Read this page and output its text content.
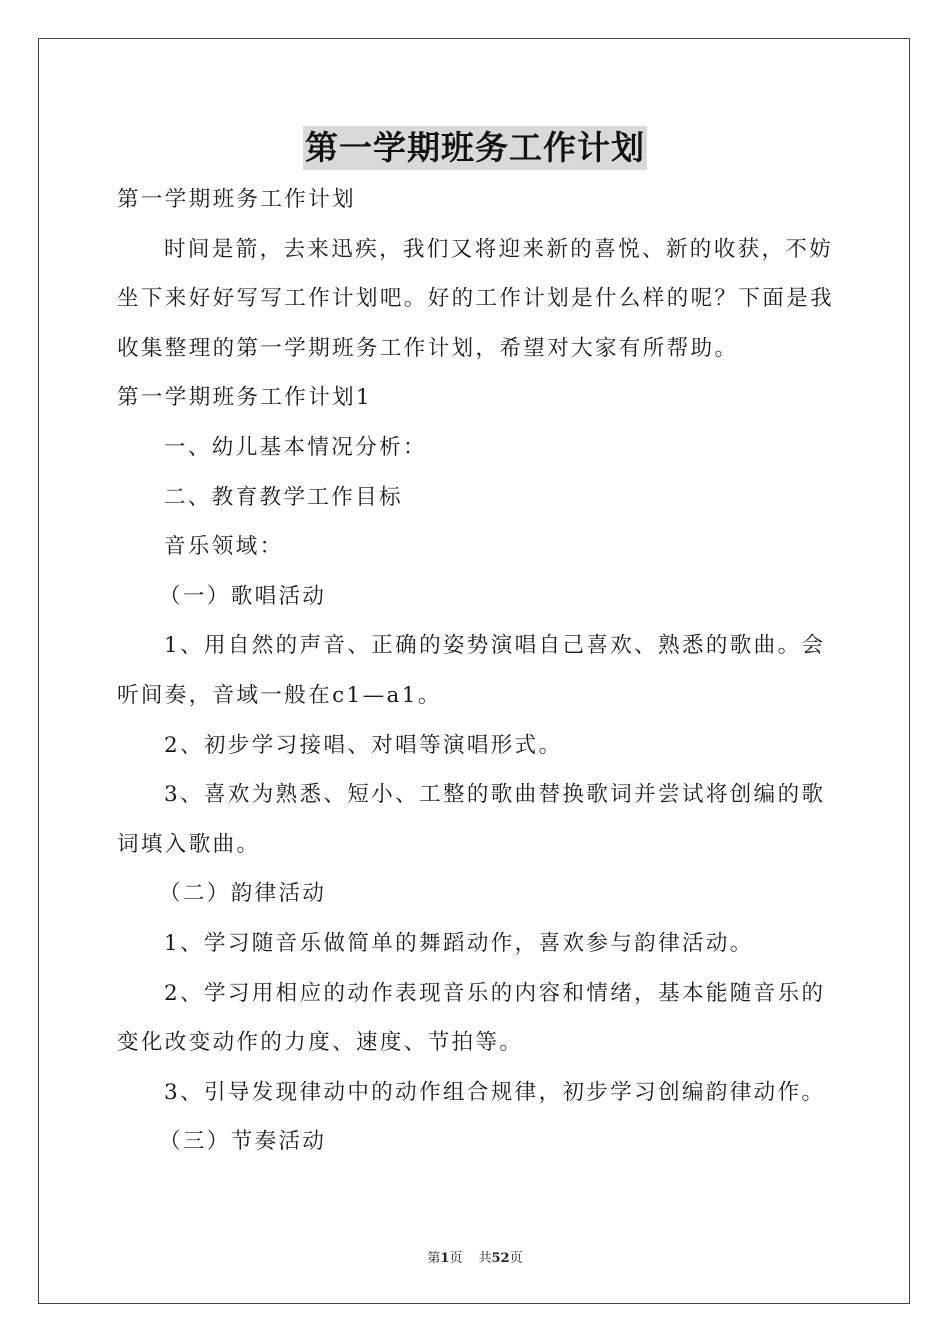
第一学期班务工作计划

第一学期班务工作计划

时间是箭，去来迅疾，我们又将迎来新的喜悦、新的收获，不妨坐下来好好写写工作计划吧。好的工作计划是什么样的呢？下面是我收集整理的第一学期班务工作计划，希望对大家有所帮助。

第一学期班务工作计划1

一、幼儿基本情况分析：

二、教育教学工作目标

音乐领域：

（一）歌唱活动

1、用自然的声音、正确的姿势演唱自己喜欢、熟悉的歌曲。会听间奏，音域一般在c1—a1。

2、初步学习接唱、对唱等演唱形式。

3、喜欢为熟悉、短小、工整的歌曲替换歌词并尝试将创编的歌词填入歌曲。

（二）韵律活动

1、学习随音乐做简单的舞蹈动作，喜欢参与韵律活动。

2、学习用相应的动作表现音乐的内容和情绪，基本能随音乐的变化改变动作的力度、速度、节拍等。

3、引导发现律动中的动作组合规律，初步学习创编韵律动作。

（三）节奏活动

第1页 共52页
